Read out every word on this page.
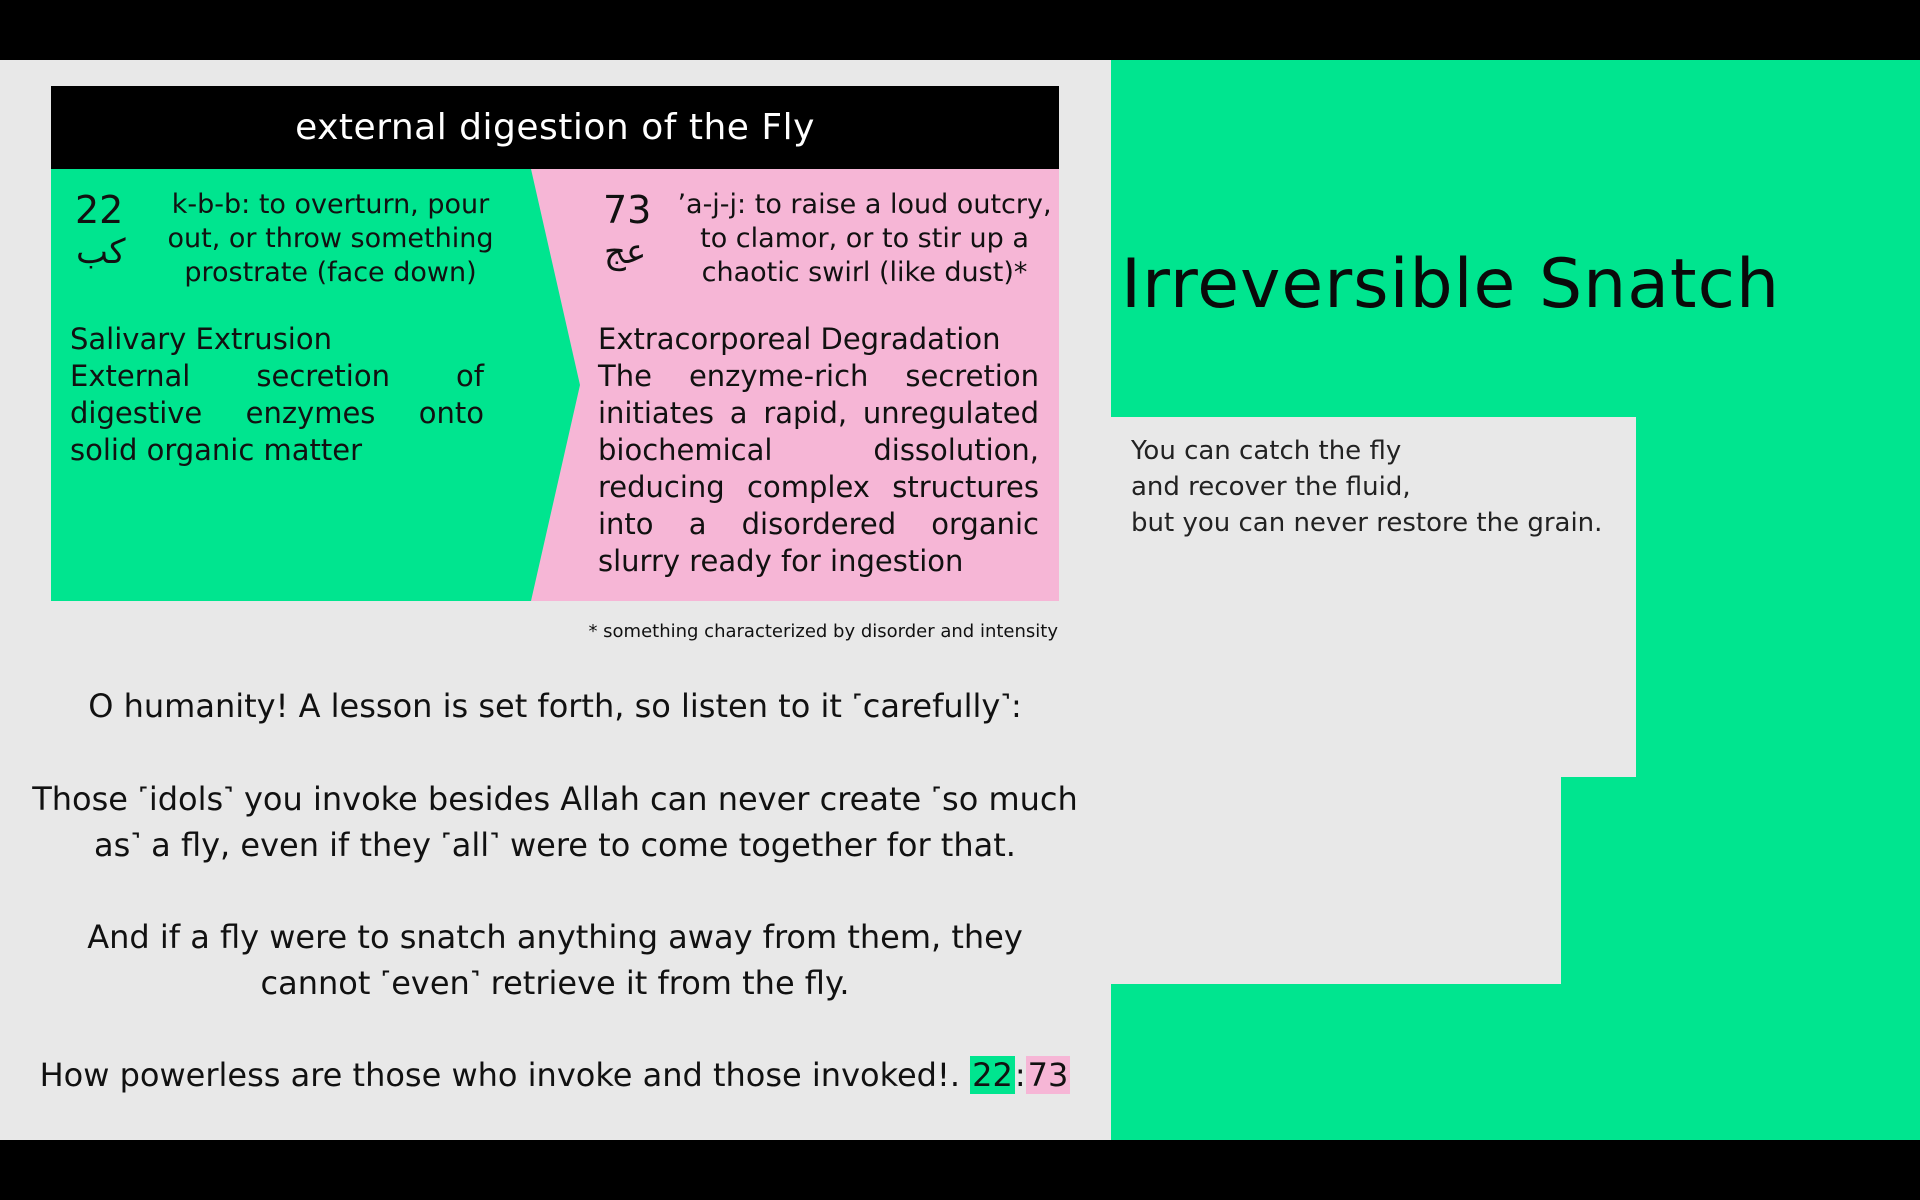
Irreversible Snatch
You can catch the fly
and recover the fluid,
but you can never restore the grain.
external digestion of the Fly
22
كب
k-b-b: to overturn, pour
out, or throw something
prostrate (face down)
Salivary Extrusion
External secretion of digestive enzymes onto solid organic matter
73
عج
’a-j-j: to raise a loud outcry,
to clamor, or to stir up a
chaotic swirl (like dust)*
Extracorporeal Degradation
The enzyme-rich secretion initiates a rapid, unregulated biochemical dissolution, reducing complex structures into a disordered organic slurry ready for ingestion
* something characterized by disorder and intensity
O humanity! A lesson is set forth, so listen to it ˹carefully˺:
Those ˹idols˺ you invoke besides Allah can never create ˹so much
as˺ a fly, even if they ˹all˺ were to come together for that.
And if a fly were to snatch anything away from them, they
cannot ˹even˺ retrieve it from the fly.
How powerless are those who invoke and those invoked!. 22:73
